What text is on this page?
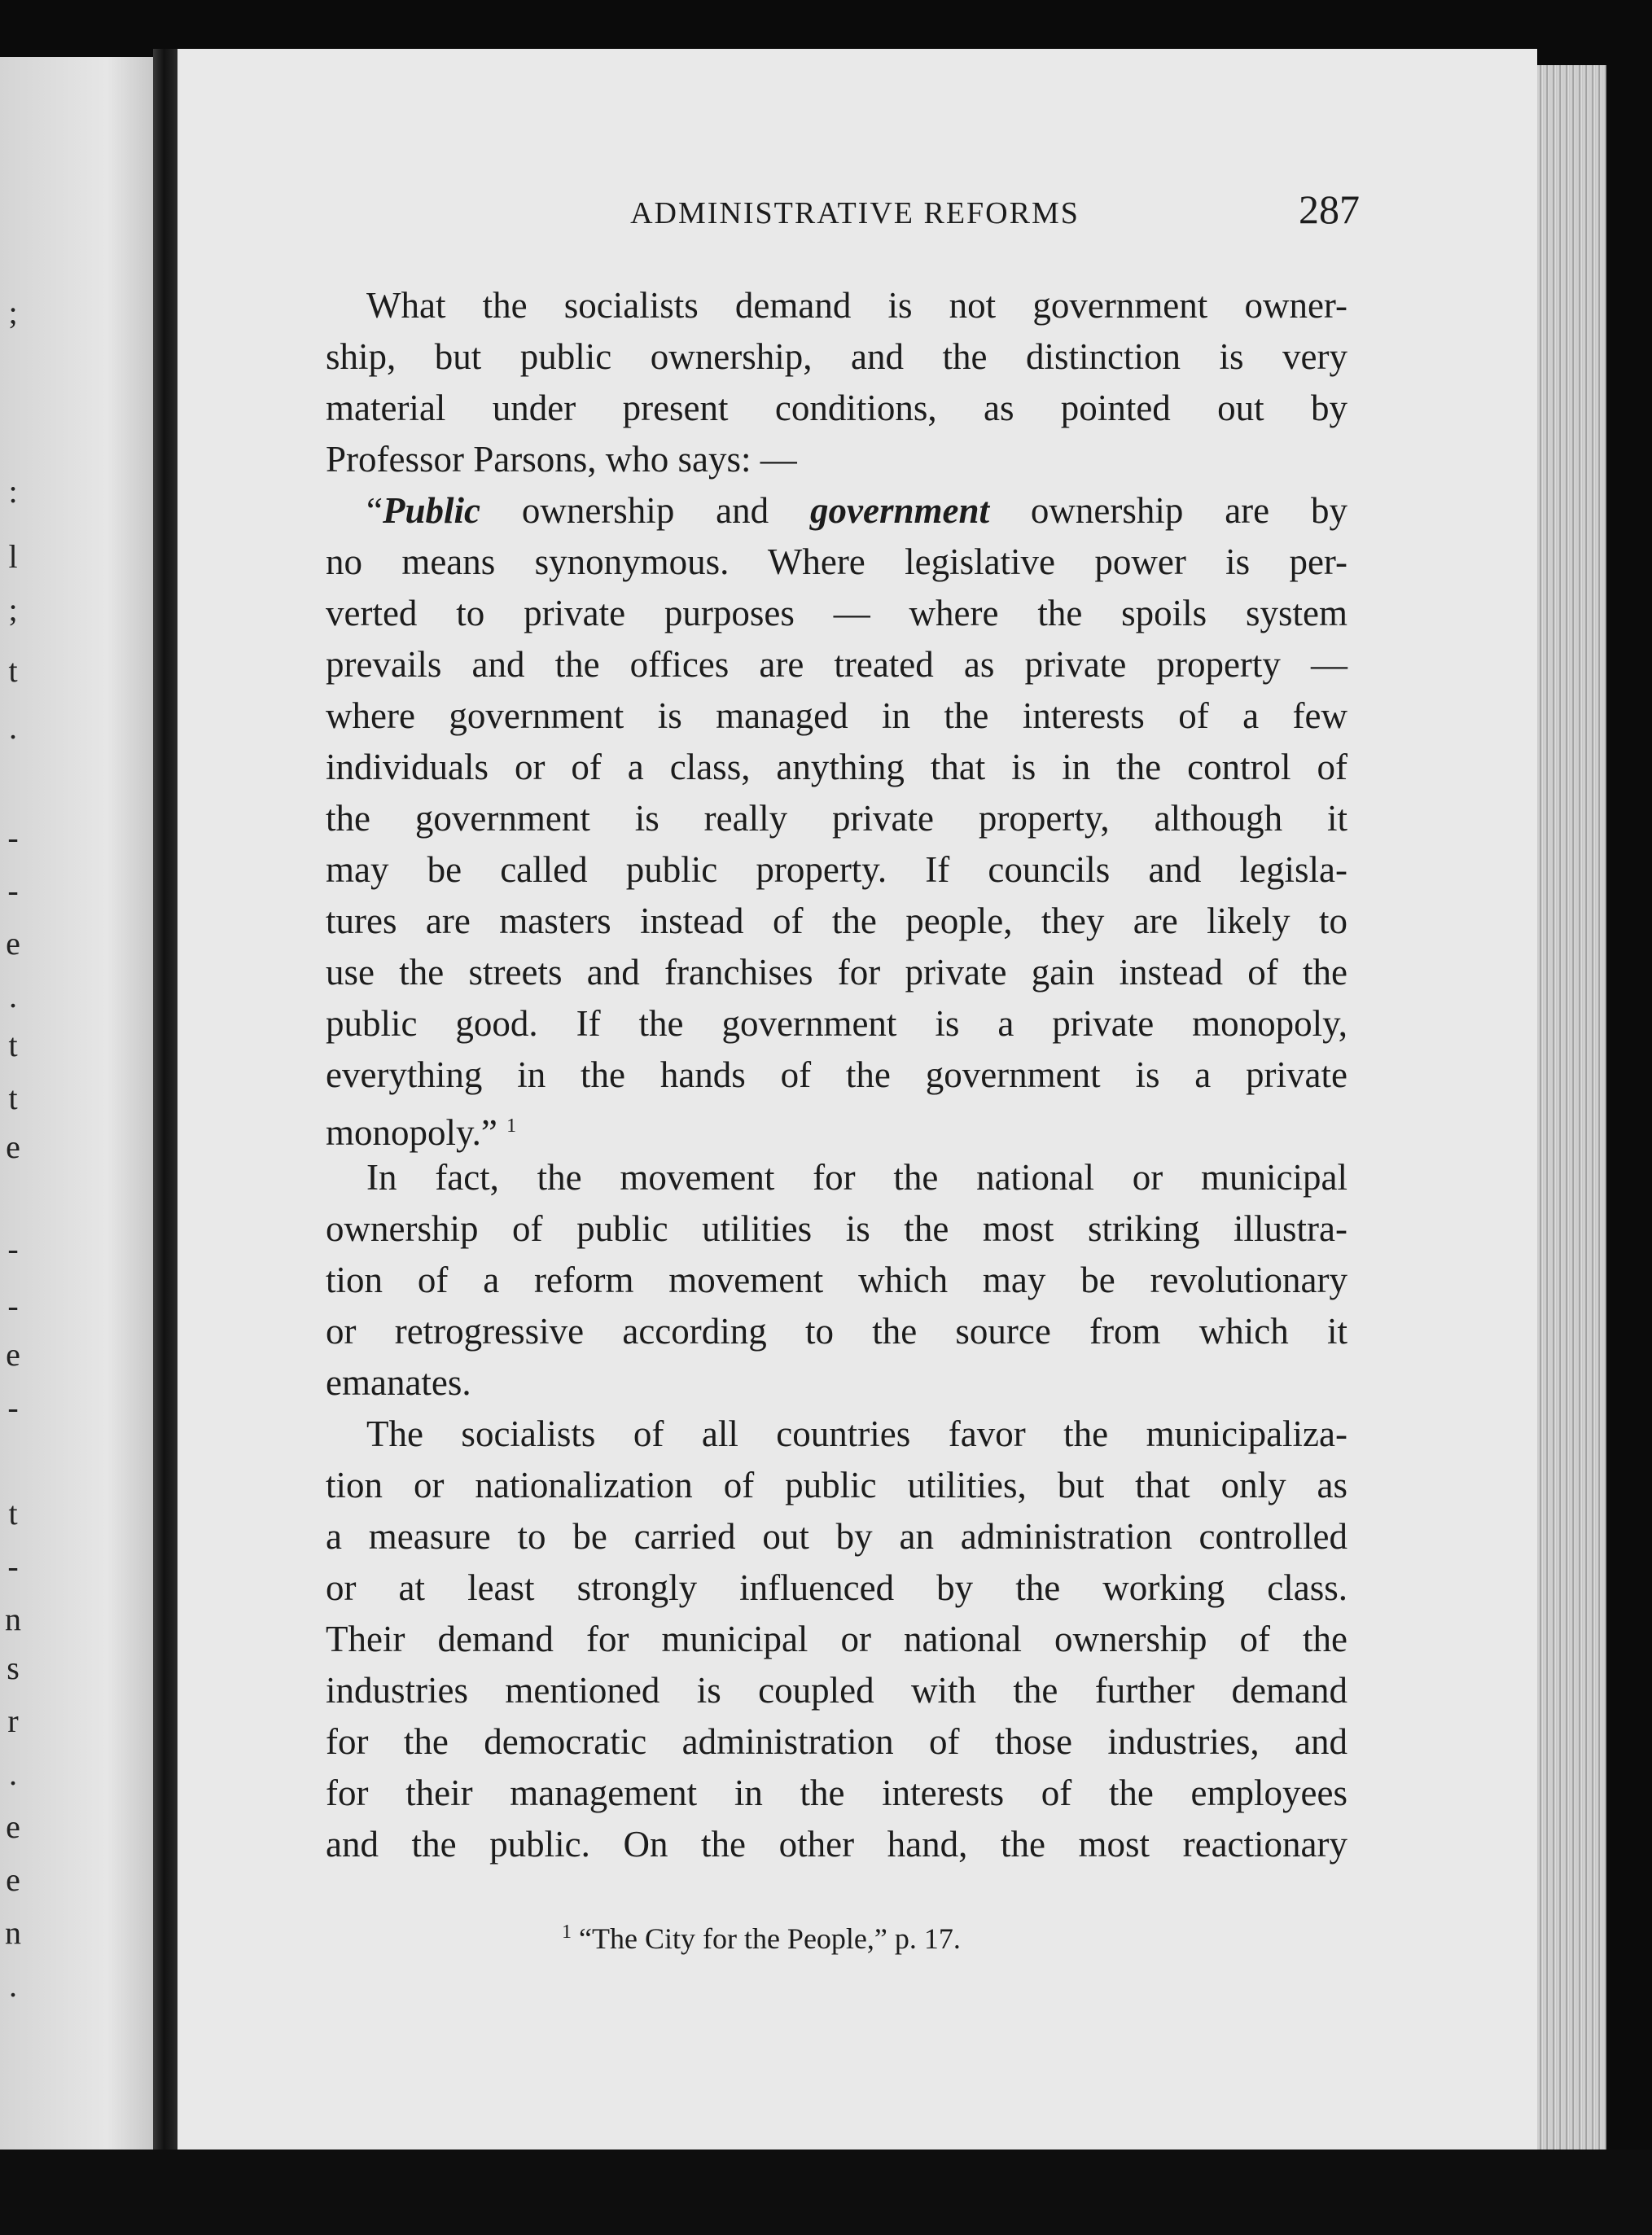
;
:
l
;
t
.
-
-
e
.
t
t
e
-
-
e
-
t
-
n
s
r
.
e
e
n
.
ADMINISTRATIVE REFORMS	287
What the socialists demand is not government owner-
ship, but public ownership, and the distinction is very
material under present conditions, as pointed out by
Professor Parsons, who says: —
“Public ownership and government ownership are by
no means synonymous. Where legislative power is per-
verted to private purposes — where the spoils system
prevails and the offices are treated as private property —
where government is managed in the interests of a few
individuals or of a class, anything that is in the control of
the government is really private property, although it
may be called public property. If councils and legisla-
tures are masters instead of the people, they are likely to
use the streets and franchises for private gain instead of the
public good. If the government is a private monopoly,
everything in the hands of the government is a private
monopoly.” $^1$
In fact, the movement for the national or municipal
ownership of public utilities is the most striking illustra-
tion of a reform movement which may be revolutionary
or retrogressive according to the source from which it
emanates.
The socialists of all countries favor the municipaliza-
tion or nationalization of public utilities, but that only as
a measure to be carried out by an administration controlled
or at least strongly influenced by the working class.
Their demand for municipal or national ownership of the
industries mentioned is coupled with the further demand
for the democratic administration of those industries, and
for their management in the interests of the employees
and the public. On the other hand, the most reactionary
$^1$ “The City for the People,” p. 17.
